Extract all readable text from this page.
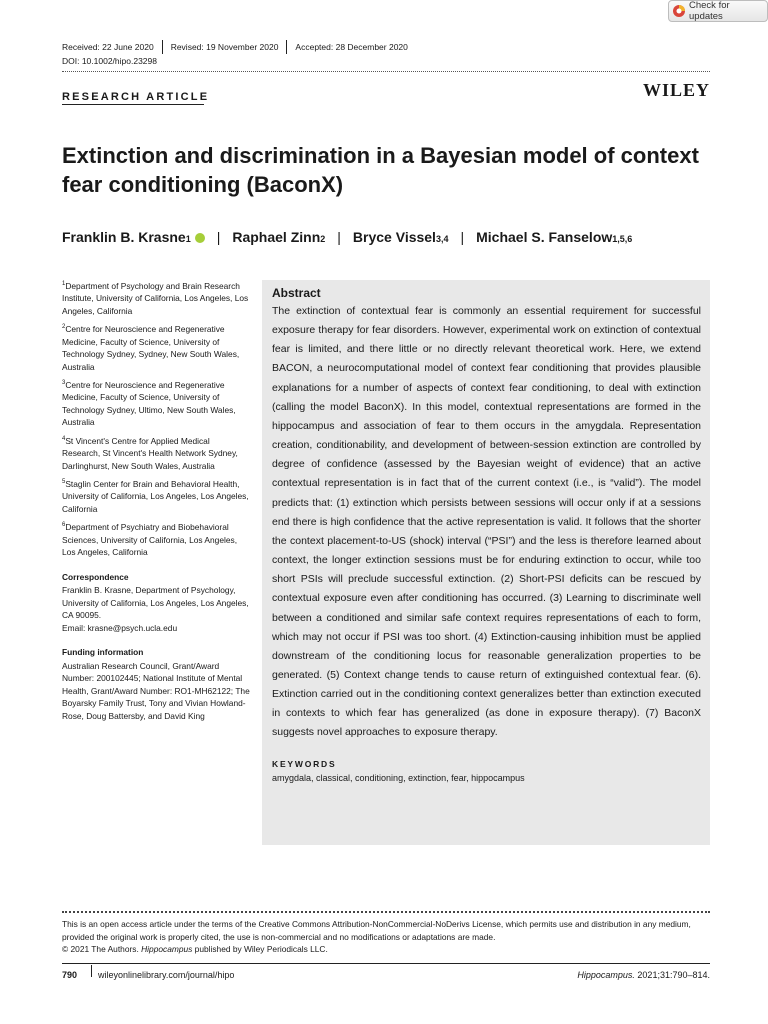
Check for updates
Received: 22 June 2020 Revised: 19 November 2020 Accepted: 28 December 2020
DOI: 10.1002/hipo.23298
RESEARCH ARTICLE	WILEY
Extinction and discrimination in a Bayesian model of context fear conditioning (BaconX)
Franklin B. Krasne 1 | Raphael Zinn 2 | Bryce Vissel 3,4 | Michael S. Fanselow 1,5,6

$^1$Department of Psychology and Brain Research Institute, University of California, Los Angeles, Los Angeles, California

$^2$Centre for Neuroscience and Regenerative Medicine, Faculty of Science, University of Technology Sydney, Sydney, New South Wales, Australia

$^3$Centre for Neuroscience and Regenerative Medicine, Faculty of Science, University of Technology Sydney, Ultimo, New South Wales, Australia

$^4$St Vincent's Centre for Applied Medical Research, St Vincent's Health Network Sydney, Darlinghurst, New South Wales, Australia

$^5$Staglin Center for Brain and Behavioral Health, University of California, Los Angeles, Los Angeles, California

$^6$Department of Psychiatry and Biobehavioral Sciences, University of California, Los Angeles, Los Angeles, California

Correspondence
Franklin B. Krasne, Department of Psychology, University of California, Los Angeles, Los Angeles, CA 90095.
Email: krasne@psych.ucla.edu
Funding information
Australian Research Council, Grant/Award Number: 200102445; National Institute of Mental Health, Grant/Award Number: RO1-MH62122; The Boyarsky Family Trust, Tony and Vivian Howland-Rose, Doug Battersby, and David King
Abstract

The extinction of contextual fear is commonly an essential requirement for successful exposure therapy for fear disorders. However, experimental work on extinction of contextual fear is limited, and there little or no directly relevant theoretical work. Here, we extend BACON, a neurocomputational model of context fear conditioning that provides plausible explanations for a number of aspects of context fear conditioning, to deal with extinction (calling the model BaconX). In this model, contextual representations are formed in the hippocampus and association of fear to them occurs in the amygdala. Representation creation, conditionability, and development of between-session extinction are controlled by degree of confidence (assessed by the Bayesian weight of evidence) that an active contextual representation is in fact that of the current context (i.e., is “valid”). The model predicts that: (1) extinction which persists between sessions will occur only if at a sessions end there is high confidence that the active representation is valid. It follows that the shorter the context placement-to-US (shock) interval (“PSI”) and the less is therefore learned about context, the longer extinction sessions must be for enduring extinction to occur, while too short PSIs will preclude successful extinction. (2) Short-PSI deficits can be rescued by contextual exposure even after conditioning has occurred. (3) Learning to discriminate well between a conditioned and similar safe context requires representations of each to form, which may not occur if PSI was too short. (4) Extinction-causing inhibition must be applied downstream of the conditioning locus for reasonable generalization properties to be generated. (5) Context change tends to cause return of extinguished contextual fear. (6). Extinction carried out in the conditioning context generalizes better than extinction executed in contexts to which fear has generalized (as done in exposure therapy). (7) BaconX suggests novel approaches to exposure therapy.

KEYWORDS
amygdala, classical, conditioning, extinction, fear, hippocampus
This is an open access article under the terms of the Creative Commons Attribution-NonCommercial-NoDerivs License, which permits use and distribution in any medium, provided the original work is properly cited, the use is non-commercial and no modifications or adaptations are made.
© 2021 The Authors. Hippocampus published by Wiley Periodicals LLC.
790 wileyonlinelibrary.com/journal/hipo	Hippocampus. 2021;31:790–814.
